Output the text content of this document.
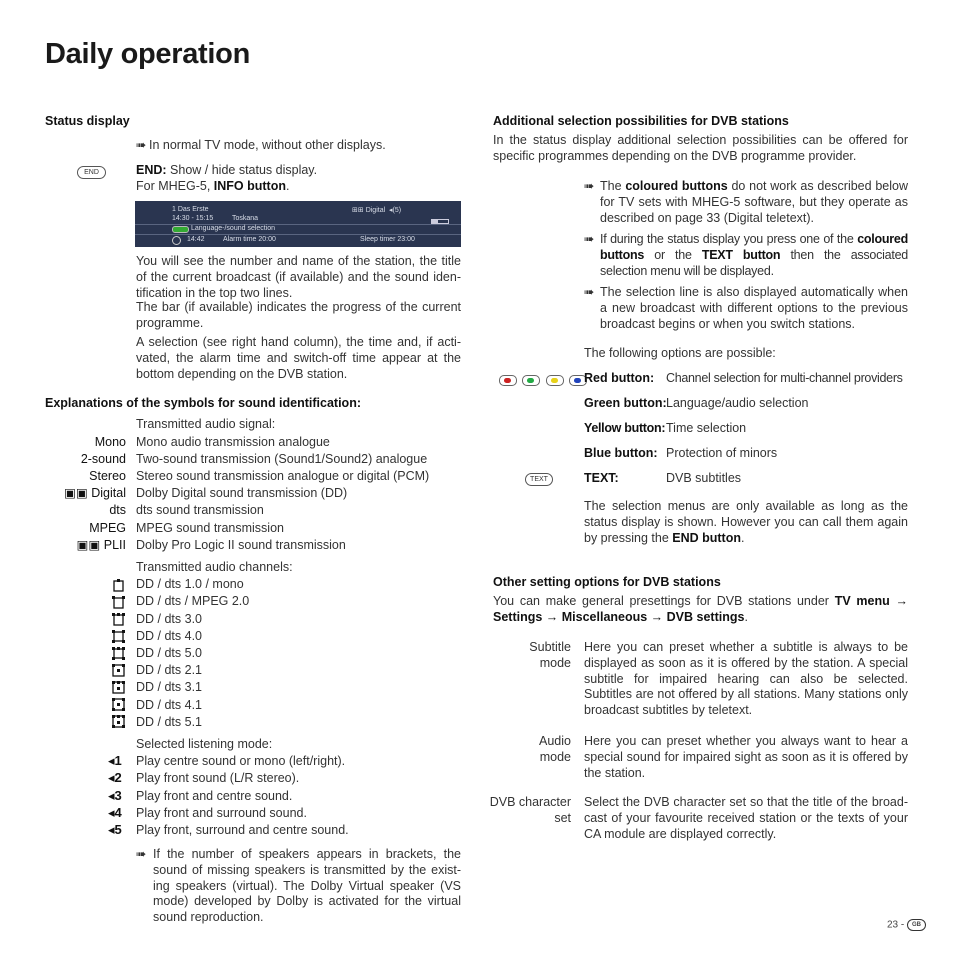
Daily operation
Status display
➠ In normal TV mode, without other displays.
END	END: Show / hide status display.
For MHEG-5, INFO button.
1 Das Erste	⊞⊞ Digital ◂(5)
14:30 - 15:15	Toskana
Language-/sound selection
14:42	Alarm time 20:00	Sleep timer 23:00
You will see the number and name of the station, the title of the current broadcast (if available) and the sound iden-tification in the top two lines.
The bar (if available) indicates the progress of the current programme.
A selection (see right hand column), the time and, if acti-vated, the alarm time and switch-off time appear at the bottom depending on the DVB station.
Explanations of the symbols for sound identification:
Transmitted audio signal:
Mono Mono audio transmission analogue
2-sound Two-sound transmission (Sound1/Sound2) analogue
Stereo Stereo sound transmission analogue or digital (PCM)
▣▣ Digital Dolby Digital sound transmission (DD)
dts dts sound transmission
MPEG MPEG sound transmission
▣▣ PLII Dolby Pro Logic II sound transmission
Transmitted audio channels:
DD / dts 1.0 / mono
DD / dts / MPEG 2.0
DD / dts 3.0
DD / dts 4.0
DD / dts 5.0
DD / dts 2.1
DD / dts 3.1
DD / dts 4.1
DD / dts 5.1
Selected listening mode:
◂1 Play centre sound or mono (left/right).
◂2 Play front sound (L/R stereo).
◂3 Play front and centre sound.
◂4 Play front and surround sound.
◂5 Play front, surround and centre sound.
➠ If the number of speakers appears in brackets, the sound of missing speakers is transmitted by the exist-ing speakers (virtual). The Dolby Virtual speaker (VS mode) developed by Dolby is activated for the virtual sound reproduction.
Additional selection possibilities for DVB stations
In the status display additional selection possibilities can be offered for specific programmes depending on the DVB programme provider.
➠ The coloured buttons do not work as described below for TV sets with MHEG-5 software, but they operate as described on page 33 (Digital teletext).
➠ If during the status display you press one of the coloured buttons or the TEXT button then the associated selection menu will be displayed.
➠ The selection line is also displayed automatically when a new broadcast with different options to the previous broadcast begins or when you switch stations.
The following options are possible:

Red button: Channel selection for multi-channel providers
Green button: Language/audio selection
Yellow button: Time selection
Blue button: Protection of minors
TEXT	TEXT:	DVB subtitles
The selection menus are only available as long as the status display is shown. However you can call them again by pressing the END button.
Other setting options for DVB stations
You can make general presettings for DVB stations under TV menu → Settings → Miscellaneous → DVB settings.
Subtitle
mode
Here you can preset whether a subtitle is always to be displayed as soon as it is offered by the station. A special subtitle for impaired hearing can also be selected. Subtitles are not offered by all stations. Many stations only broadcast subtitles by teletext.
Audio
mode
Here you can preset whether you always want to hear a special sound for impaired sight as soon as it is offered by the station.
DVB character
set
Select the DVB character set so that the title of the broad-cast of your favourite received station or the texts of your CA module are displayed correctly.
23 - GB
